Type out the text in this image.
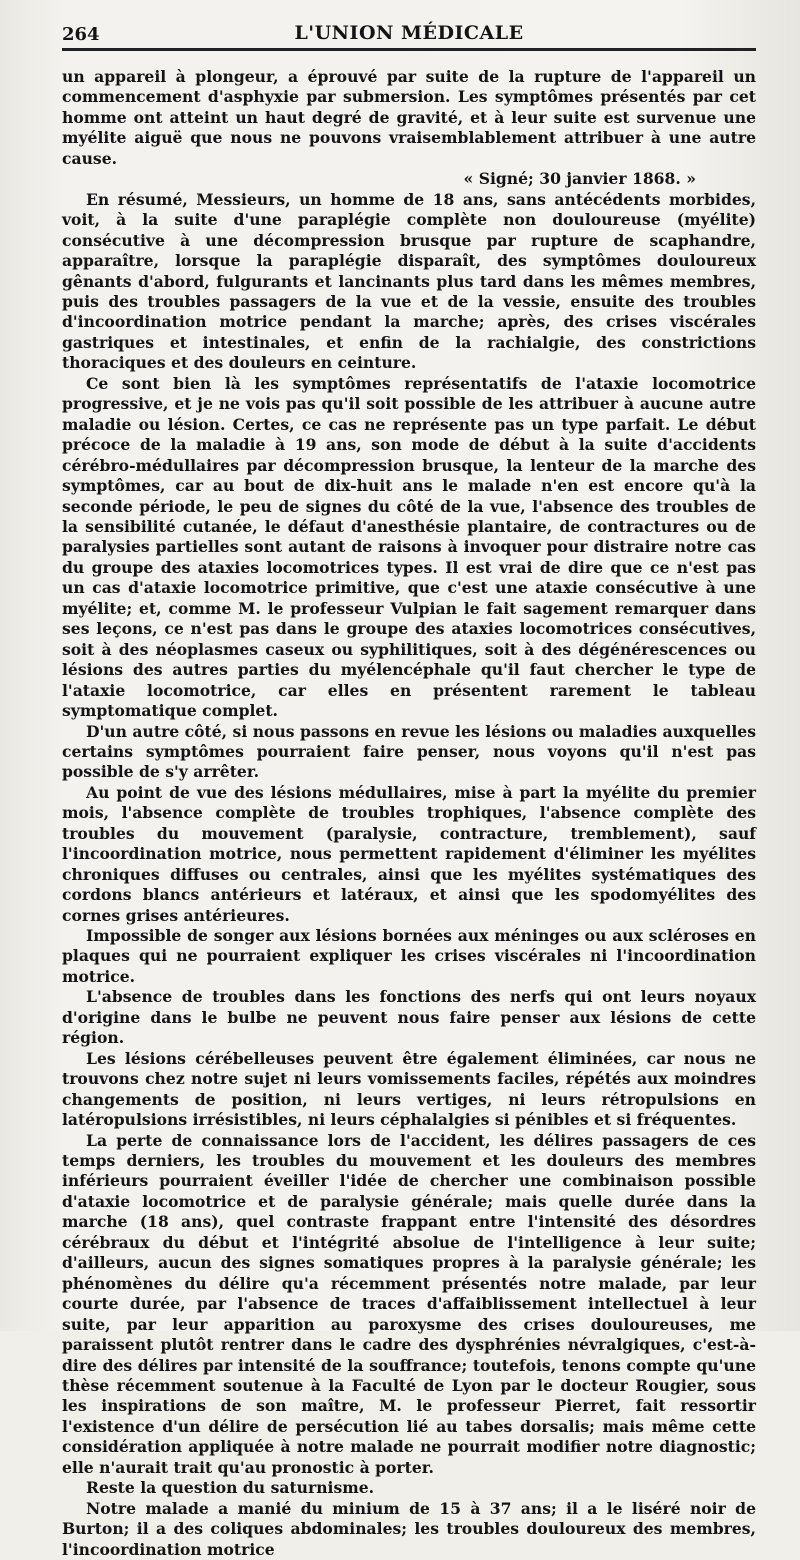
264	L'UNION MÉDICALE

un appareil à plongeur, a éprouvé par suite de la rupture de l'appareil un commencement d'asphyxie par submersion. Les symptômes présentés par cet homme ont atteint un haut degré de gravité, et à leur suite est survenue une myélite aiguë que nous ne pouvons vraisemblablement attribuer à une autre cause.

« Signé; 30 janvier 1868. »

En résumé, Messieurs, un homme de 18 ans, sans antécédents morbides, voit, à la suite d'une paraplégie complète non douloureuse (myélite) consécutive à une décompression brusque par rupture de scaphandre, apparaître, lorsque la paraplégie disparaît, des symptômes douloureux gênants d'abord, fulgurants et lancinants plus tard dans les mêmes membres, puis des troubles passagers de la vue et de la vessie, ensuite des troubles d'incoordination motrice pendant la marche; après, des crises viscérales gastriques et intestinales, et enfin de la rachialgie, des constrictions thoraciques et des douleurs en ceinture.

Ce sont bien là les symptômes représentatifs de l'ataxie locomotrice progressive, et je ne vois pas qu'il soit possible de les attribuer à aucune autre maladie ou lésion. Certes, ce cas ne représente pas un type parfait. Le début précoce de la maladie à 19 ans, son mode de début à la suite d'accidents cérébro-médullaires par décompression brusque, la lenteur de la marche des symptômes, car au bout de dix-huit ans le malade n'en est encore qu'à la seconde période, le peu de signes du côté de la vue, l'absence des troubles de la sensibilité cutanée, le défaut d'anesthésie plantaire, de contractures ou de paralysies partielles sont autant de raisons à invoquer pour distraire notre cas du groupe des ataxies locomotrices types. Il est vrai de dire que ce n'est pas un cas d'ataxie locomotrice primitive, que c'est une ataxie consécutive à une myélite; et, comme M. le professeur Vulpian le fait sagement remarquer dans ses leçons, ce n'est pas dans le groupe des ataxies locomotrices consécutives, soit à des néoplasmes caseux ou syphilitiques, soit à des dégénérescences ou lésions des autres parties du myélencéphale qu'il faut chercher le type de l'ataxie locomotrice, car elles en présentent rarement le tableau symptomatique complet.

D'un autre côté, si nous passons en revue les lésions ou maladies auxquelles certains symptômes pourraient faire penser, nous voyons qu'il n'est pas possible de s'y arrêter.

Au point de vue des lésions médullaires, mise à part la myélite du premier mois, l'absence complète de troubles trophiques, l'absence complète des troubles du mouvement (paralysie, contracture, tremblement), sauf l'incoordination motrice, nous permettent rapidement d'éliminer les myélites chroniques diffuses ou centrales, ainsi que les myélites systématiques des cordons blancs antérieurs et latéraux, et ainsi que les spodomyélites des cornes grises antérieures.

Impossible de songer aux lésions bornées aux méninges ou aux scléroses en plaques qui ne pourraient expliquer les crises viscérales ni l'incoordination motrice.

L'absence de troubles dans les fonctions des nerfs qui ont leurs noyaux d'origine dans le bulbe ne peuvent nous faire penser aux lésions de cette région.

Les lésions cérébelleuses peuvent être également éliminées, car nous ne trouvons chez notre sujet ni leurs vomissements faciles, répétés aux moindres changements de position, ni leurs vertiges, ni leurs rétropulsions en latéropulsions irrésistibles, ni leurs céphalalgies si pénibles et si fréquentes.

La perte de connaissance lors de l'accident, les délires passagers de ces temps derniers, les troubles du mouvement et les douleurs des membres inférieurs pourraient éveiller l'idée de chercher une combinaison possible d'ataxie locomotrice et de paralysie générale; mais quelle durée dans la marche (18 ans), quel contraste frappant entre l'intensité des désordres cérébraux du début et l'intégrité absolue de l'intelligence à leur suite; d'ailleurs, aucun des signes somatiques propres à la paralysie générale; les phénomènes du délire qu'a récemment présentés notre malade, par leur courte durée, par l'absence de traces d'affaiblissement intellectuel à leur suite, par leur apparition au paroxysme des crises douloureuses, me paraissent plutôt rentrer dans le cadre des dysphrénies névralgiques, c'est-à-dire des délires par intensité de la souffrance; toutefois, tenons compte qu'une thèse récemment soutenue à la Faculté de Lyon par le docteur Rougier, sous les inspirations de son maître, M. le professeur Pierret, fait ressortir l'existence d'un délire de persécution lié au tabes dorsalis; mais même cette considération appliquée à notre malade ne pourrait modifier notre diagnostic; elle n'aurait trait qu'au pronostic à porter.

Reste la question du saturnisme.

Notre malade a manié du minium de 15 à 37 ans; il a le liséré noir de Burton; il a des coliques abdominales; les troubles douloureux des membres, l'incoordination motrice
